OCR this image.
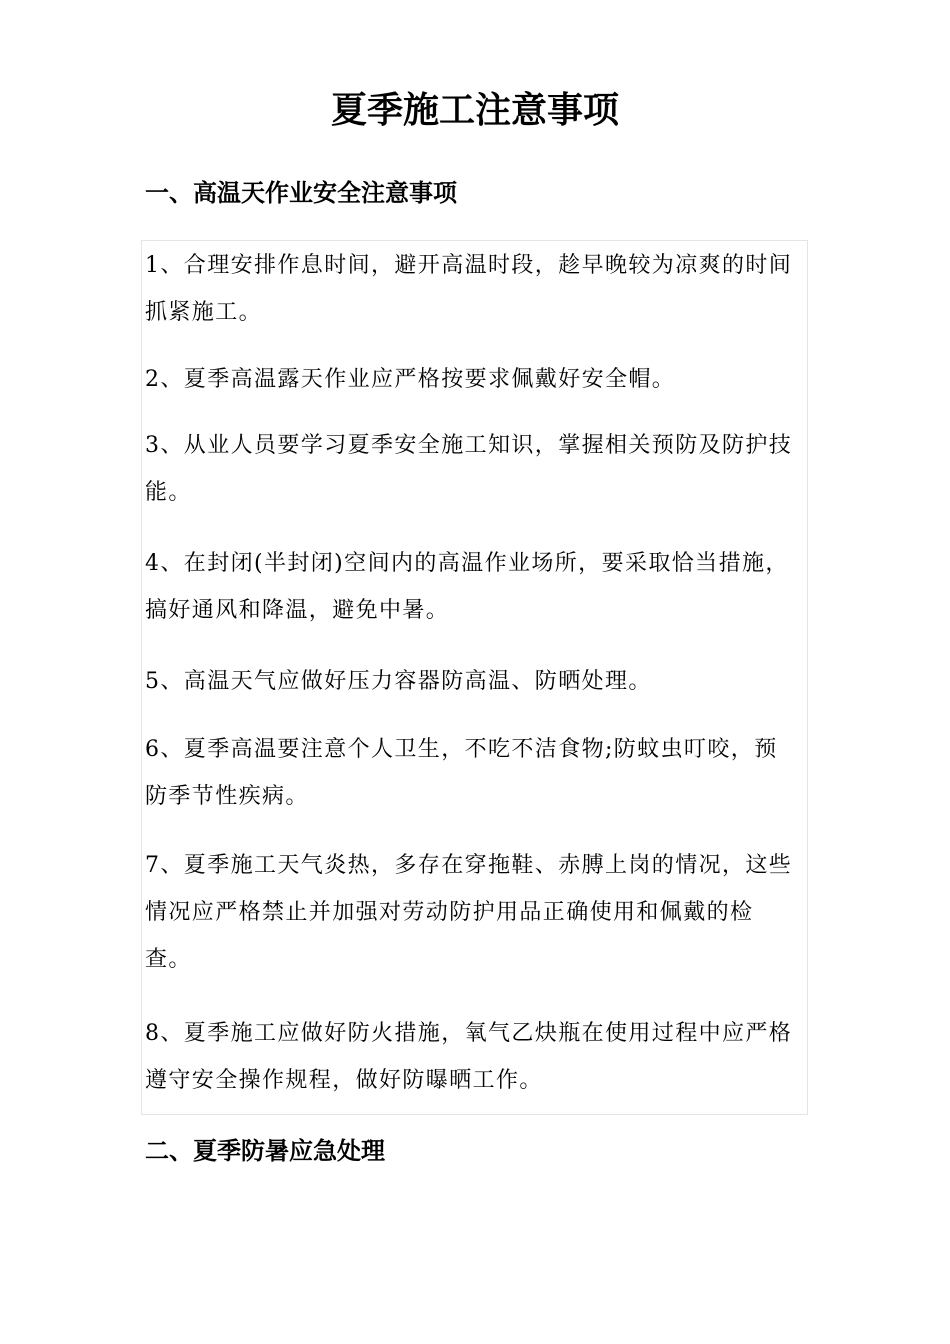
夏季施工注意事项
一、高温天作业安全注意事项
1、合理安排作息时间，避开高温时段，趁早晚较为凉爽的时间抓紧施工。
2、夏季高温露天作业应严格按要求佩戴好安全帽。
3、从业人员要学习夏季安全施工知识，掌握相关预防及防护技能。
4、在封闭(半封闭)空间内的高温作业场所，要采取恰当措施，搞好通风和降温，避免中暑。
5、高温天气应做好压力容器防高温、防晒处理。
6、夏季高温要注意个人卫生，不吃不洁食物;防蚊虫叮咬，预防季节性疾病。
7、夏季施工天气炎热，多存在穿拖鞋、赤膊上岗的情况，这些情况应严格禁止并加强对劳动防护用品正确使用和佩戴的检查。
8、夏季施工应做好防火措施，氧气乙炔瓶在使用过程中应严格遵守安全操作规程，做好防曝晒工作。
二、夏季防暑应急处理
